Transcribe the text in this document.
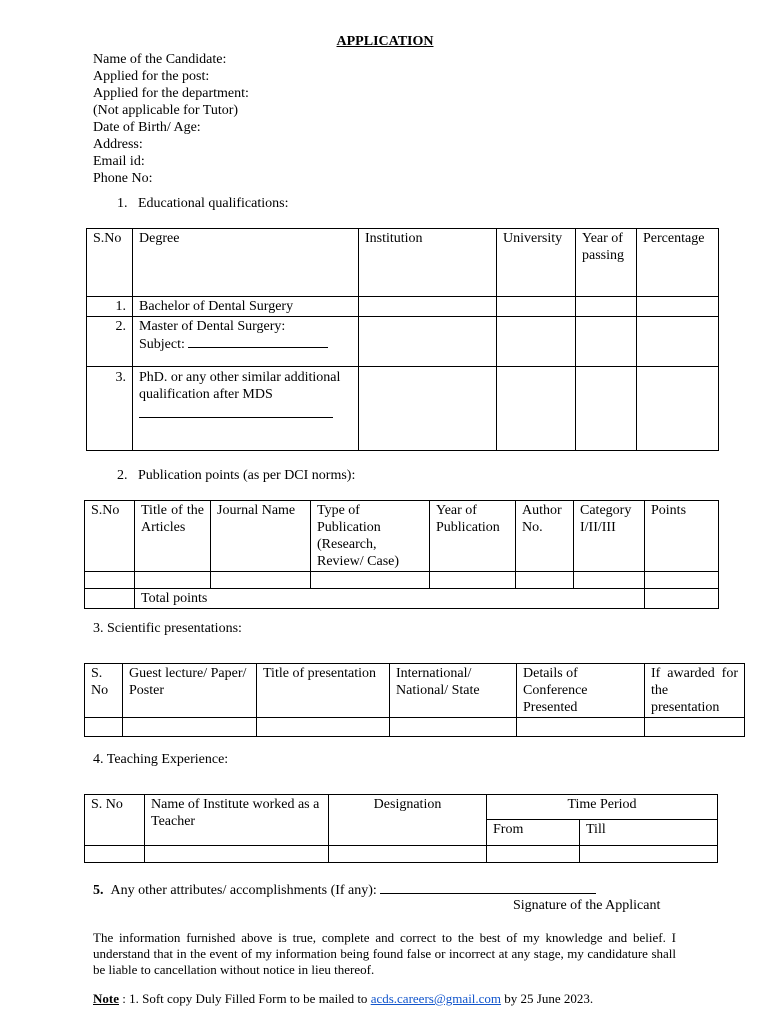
APPLICATION
Name of the Candidate:
Applied for the post:
Applied for the department:
(Not applicable for Tutor)
Date of Birth/ Age:
Address:
Email id:
Phone No:
1. Educational qualifications:
S.No	Degree	Institution	University	Year of passing	Percentage
1.	Bachelor of Dental Surgery				
2.	Master of Dental Surgery:
Subject:				

3.	PhD. or any other similar additional qualification after MDS				

2. Publication points (as per DCI norms):
S.No	Title of the Articles	Journal Name	Type of Publication (Research, Review/ Case)	Year of Publication	Author No.	Category I/II/III	Points

	Total points						
3. Scientific presentations:
S. No	Guest lecture/ Paper/ Poster	Title of presentation	International/ National/ State	Details of Conference Presented	If awarded for the presentation

4. Teaching Experience:
S. No	Name of Institute worked as a Teacher	Designation	Time Period	
			From	Till

5. Any other attributes/ accomplishments (If any):
Signature of the Applicant
The information furnished above is true, complete and correct to the best of my knowledge and belief. I understand that in the event of my information being found false or incorrect at any stage, my candidature shall be liable to cancellation without notice in lieu thereof.
Note : 1. Soft copy Duly Filled Form to be mailed to acds.careers@gmail.com by 25 June 2023.
